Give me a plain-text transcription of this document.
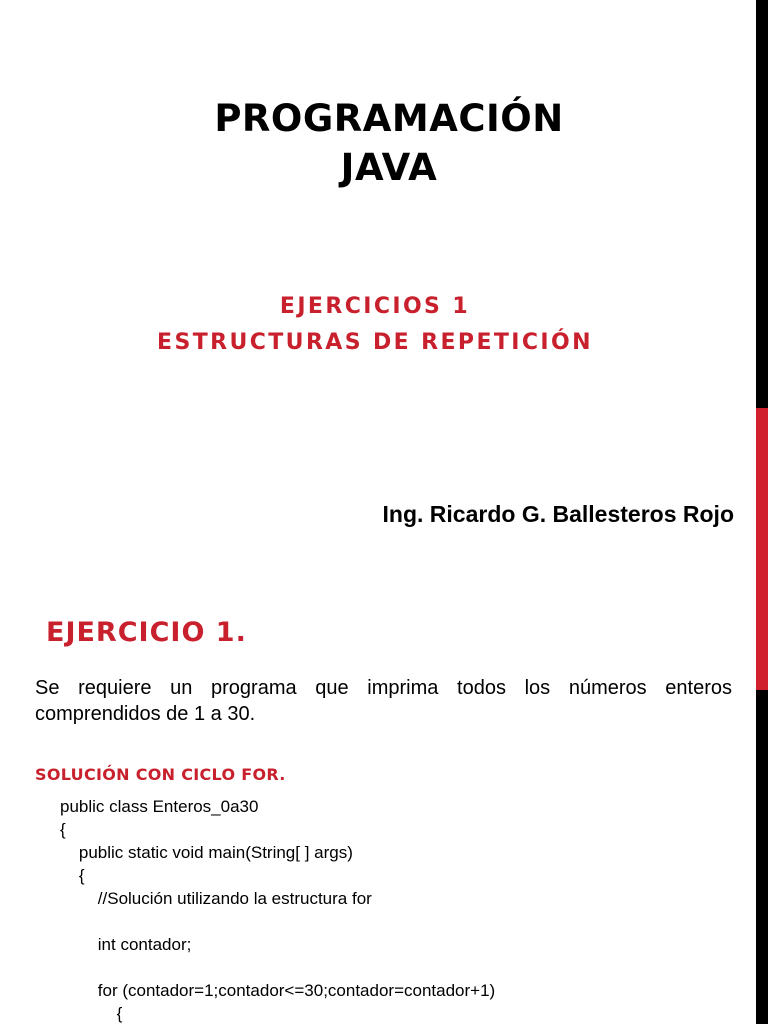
PROGRAMACIÓN
JAVA
EJERCICIOS 1
ESTRUCTURAS DE REPETICIÓN
Ing. Ricardo G. Ballesteros Rojo
EJERCICIO 1.
Se requiere un programa que imprima todos los números enteros comprendidos de 1 a 30.
SOLUCIÓN CON CICLO FOR.
public class Enteros_0a30
{
public static void main(String[ ] args)
{
//Solución utilizando la estructura for
int contador;
for (contador=1;contador<=30;contador=contador+1)
{
